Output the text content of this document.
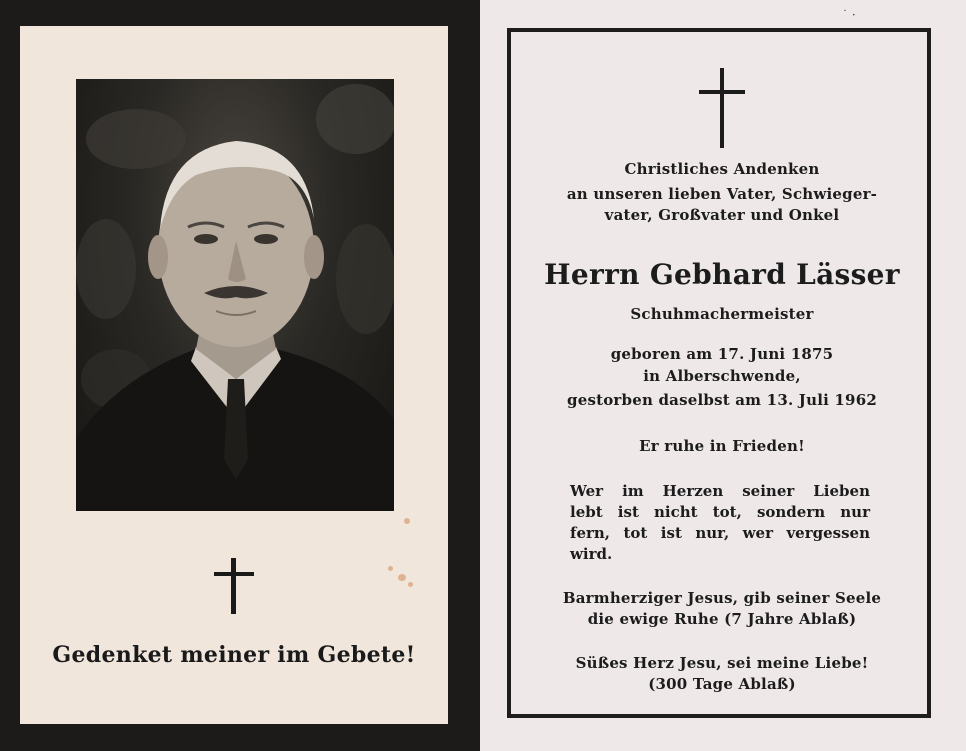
Gedenket meiner im Gebete!
˙ ·
Christliches Andenken
an unseren lieben Vater, Schwieger-
vater, Großvater und Onkel
Herrn Gebhard Lässer
Schuhmachermeister
geboren am 17. Juni 1875
in Alberschwende,
gestorben daselbst am 13. Juli 1962
Er ruhe in Frieden!
Wer im Herzen seiner Lieben
lebt ist nicht tot, sondern nur
fern, tot ist nur, wer vergessen
wird.
Barmherziger Jesus, gib seiner Seele
die ewige Ruhe (7 Jahre Ablaß)
Süßes Herz Jesu, sei meine Liebe!
(300 Tage Ablaß)
